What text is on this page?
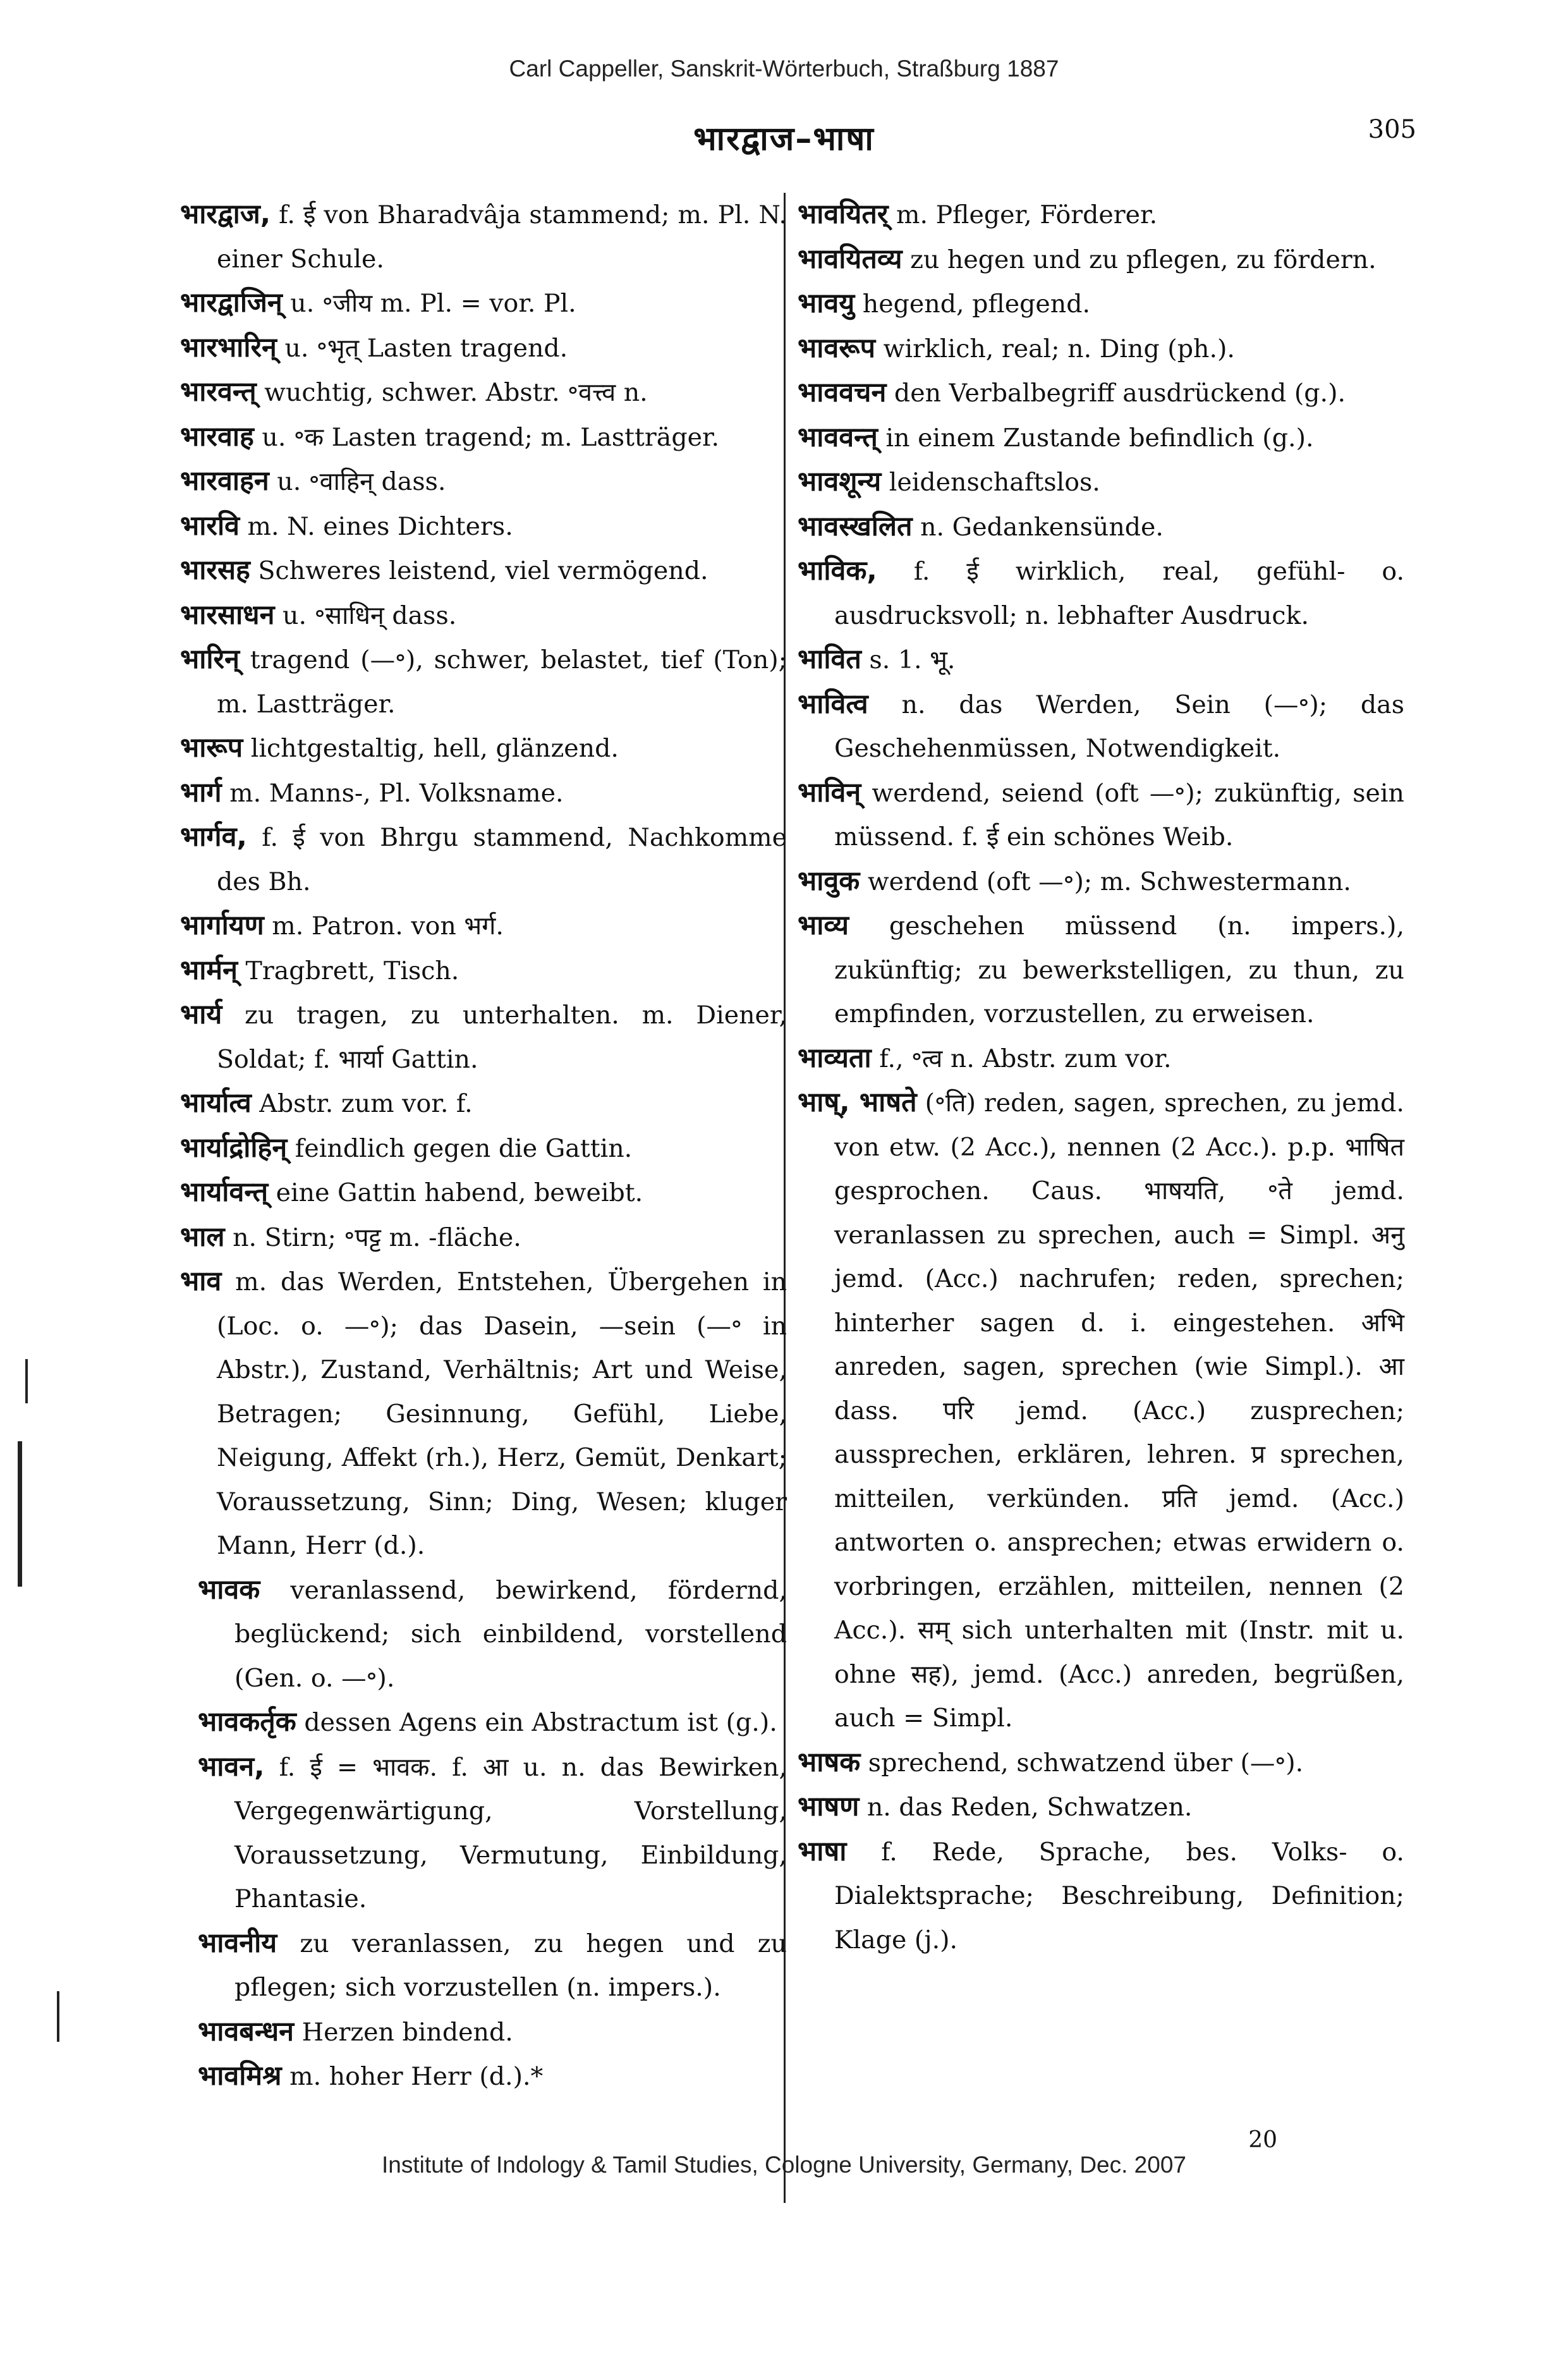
Carl Cappeller, Sanskrit-Wörterbuch, Straßburg 1887
भारद्वाज–भाषा	305
भारद्वाज, f. ई von Bharadvâja stammend; m. Pl. N. einer Schule.
भारद्वाजिन् u. ॰जीय m. Pl. = vor. Pl.
भारभारिन् u. ॰भृत् Lasten tragend.
भारवन्त् wuchtig, schwer. Abstr. ॰वत्त्व n.
भारवाह u. ॰क Lasten tragend; m. Lastträger.
भारवाहन u. ॰वाहिन् dass.
भारवि m. N. eines Dichters.
भारसह Schweres leistend, viel vermögend.
भारसाधन u. ॰साधिन् dass.
भारिन् tragend (—॰), schwer, belastet, tief (Ton); m. Lastträger.
भारूप lichtgestaltig, hell, glänzend.
भार्ग m. Manns-, Pl. Volksname.
भार्गव, f. ई von Bhrgu stammend, Nachkomme des Bh.
भार्गायण m. Patron. von भर्ग.
भार्मन् Tragbrett, Tisch.
भार्य zu tragen, zu unterhalten. m. Diener, Soldat; f. भार्या Gattin.
भार्यात्व Abstr. zum vor. f.
भार्याद्रोहिन् feindlich gegen die Gattin.
भार्यावन्त् eine Gattin habend, beweibt.
भाल n. Stirn; ॰पट्ट m. -fläche.
भाव m. das Werden, Entstehen, Übergehen in (Loc. o. —॰); das Dasein, —sein (—॰ in Abstr.), Zustand, Verhältnis; Art und Weise, Betragen; Gesinnung, Gefühl, Liebe, Neigung, Affekt (rh.), Herz, Gemüt, Denkart; Voraussetzung, Sinn; Ding, Wesen; kluger Mann, Herr (d.).
भावक veranlassend, bewirkend, fördernd, beglückend; sich einbildend, vorstellend (Gen. o. —॰).
भावकर्तृक dessen Agens ein Abstractum ist (g.).
भावन, f. ई = भावक. f. आ u. n. das Bewirken, Vergegenwärtigung, Vorstellung, Voraussetzung, Vermutung, Einbildung, Phantasie.
भावनीय zu veranlassen, zu hegen und zu pflegen; sich vorzustellen (n. impers.).
भावबन्धन Herzen bindend.
भावमिश्र m. hoher Herr (d.).*
भावयितर् m. Pfleger, Förderer.
भावयितव्य zu hegen und zu pflegen, zu fördern.
भावयु hegend, pflegend.
भावरूप wirklich, real; n. Ding (ph.).
भाववचन den Verbalbegriff ausdrückend (g.).
भाववन्त् in einem Zustande befindlich (g.).
भावशून्य leidenschaftslos.
भावस्खलित n. Gedankensünde.
भाविक, f. ई wirklich, real, gefühl- o. ausdrucksvoll; n. lebhafter Ausdruck.
भावित s. 1. भू.
भावित्व n. das Werden, Sein (—॰); das Geschehenmüssen, Notwendigkeit.
भाविन् werdend, seiend (oft —॰); zukünftig, sein müssend. f. ई ein schönes Weib.
भावुक werdend (oft —॰); m. Schwestermann.
भाव्य geschehen müssend (n. impers.), zukünftig; zu bewerkstelligen, zu thun, zu empfinden, vorzustellen, zu erweisen.
भाव्यता f., ॰त्व n. Abstr. zum vor.
भाष्, भाषते (॰ति) reden, sagen, sprechen, zu jemd. von etw. (2 Acc.), nennen (2 Acc.). p.p. भाषित gesprochen. Caus. भाषयति, ॰ते jemd. veranlassen zu sprechen, auch = Simpl. अनु jemd. (Acc.) nachrufen; reden, sprechen; hinterher sagen d. i. eingestehen. अभि anreden, sagen, sprechen (wie Simpl.). आ dass. परि jemd. (Acc.) zusprechen; aussprechen, erklären, lehren. प्र sprechen, mitteilen, verkünden. प्रति jemd. (Acc.) antworten o. ansprechen; etwas erwidern o. vorbringen, erzählen, mitteilen, nennen (2 Acc.). सम् sich unterhalten mit (Instr. mit u. ohne सह), jemd. (Acc.) anreden, begrüßen, auch = Simpl.
भाषक sprechend, schwatzend über (—॰).
भाषण n. das Reden, Schwatzen.
भाषा f. Rede, Sprache, bes. Volks- o. Dialektsprache; Beschreibung, Definition; Klage (j.).
20
Institute of Indology & Tamil Studies, Cologne University, Germany, Dec. 2007
